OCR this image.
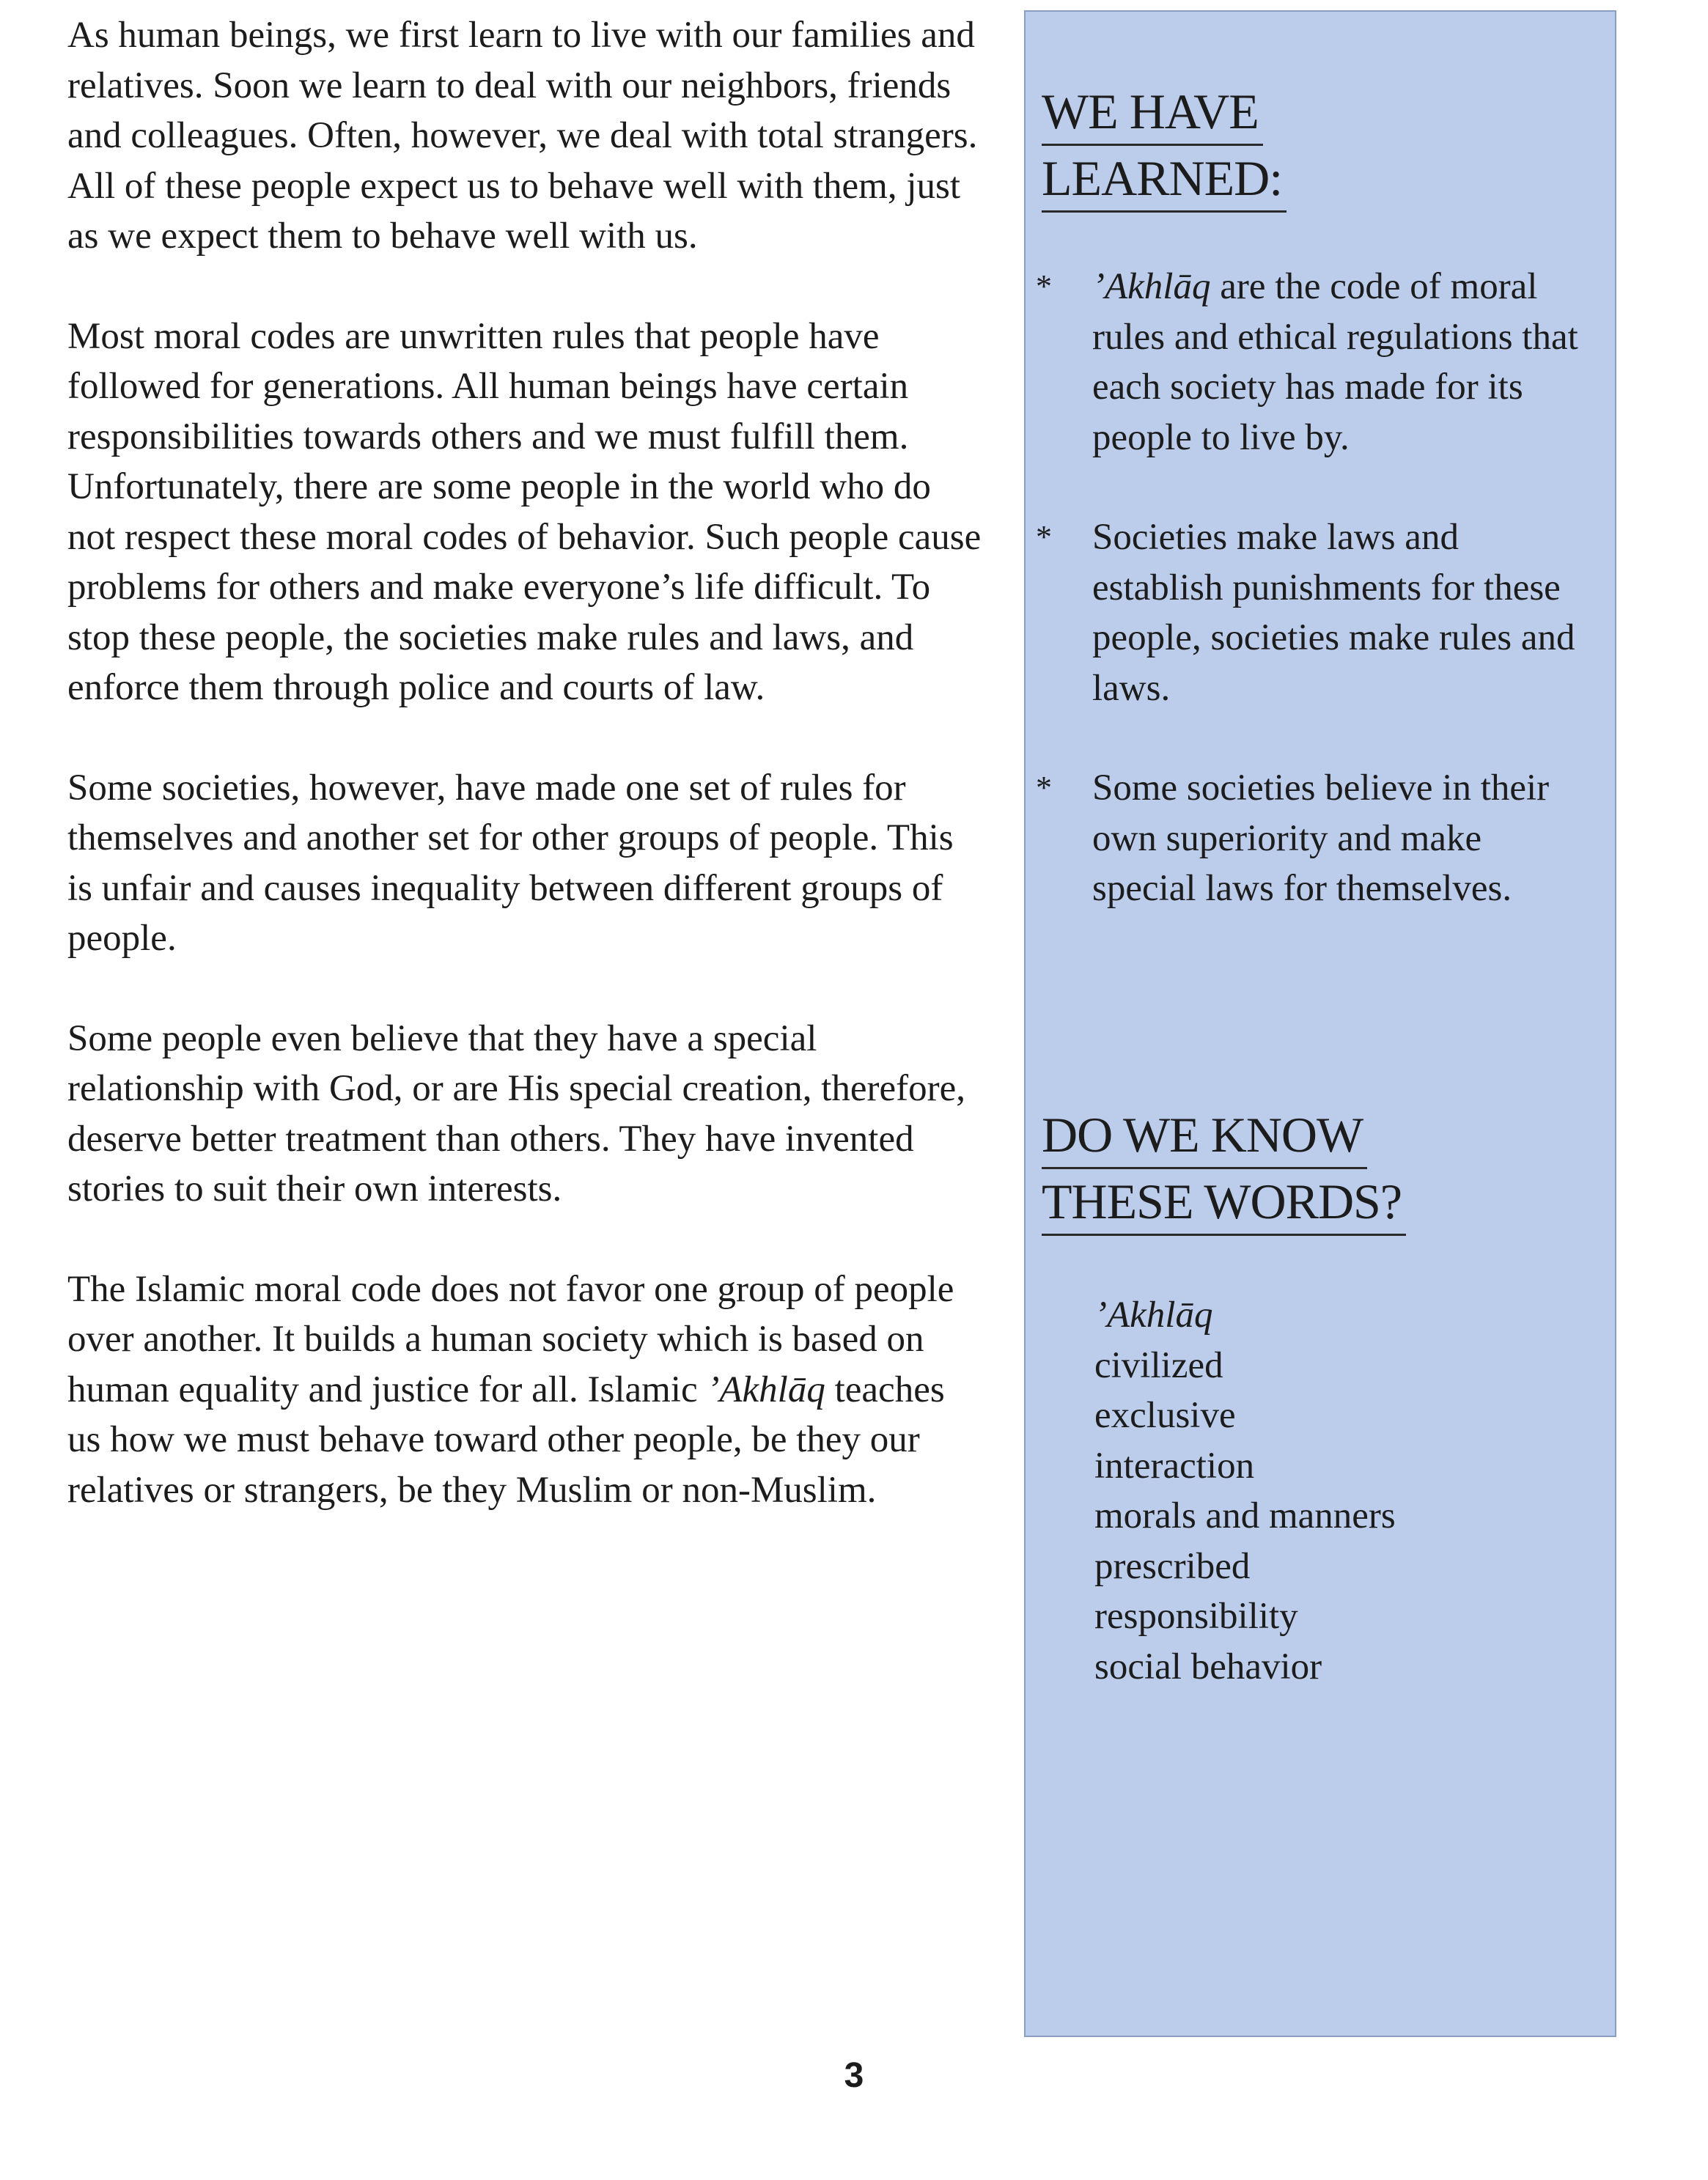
As human beings, we first learn to live with our families and relatives. Soon we learn to deal with our neighbors, friends and colleagues. Often, however, we deal with total strangers. All of these people expect us to behave well with them, just as we expect them to behave well with us.

Most moral codes are unwritten rules that people have followed for generations. All human beings have certain responsibilities towards others and we must fulfill them. Unfortunately, there are some people in the world who do not respect these moral codes of behavior. Such people cause problems for others and make everyone’s life difficult. To stop these people, the societies make rules and laws, and enforce them through police and courts of law.

Some societies, however, have made one set of rules for themselves and another set for other groups of people. This is unfair and causes inequality between different groups of people.

Some people even believe that they have a special relationship with God, or are His special creation, therefore, deserve better treatment than others. They have invented stories to suit their own interests.

The Islamic moral code does not favor one group of people over another. It builds a human society which is based on human equality and justice for all. Islamic ’Akhlāq teaches us how we must behave toward other people, be they our relatives or strangers, be they Muslim or non-Muslim.

WE HAVE
LEARNED:
* ’Akhlāq are the code of moral rules and ethical regulations that each society has made for its people to live by.
* Societies make laws and establish punishments for these people, societies make rules and laws.
* Some societies believe in their own superiority and make special laws for themselves.
DO WE KNOW
THESE WORDS?
’Akhlāq
civilized
exclusive
interaction
morals and manners
prescribed
responsibility
social behavior
3
